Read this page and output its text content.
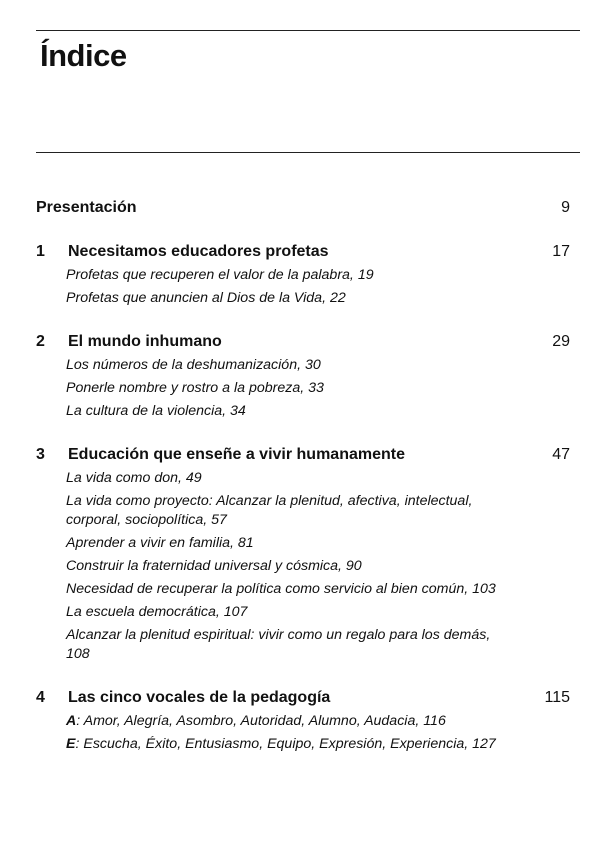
Índice
Presentación	9
1 Necesitamos educadores profetas	17
Profetas que recuperen el valor de la palabra, 19
Profetas que anuncien al Dios de la Vida, 22
2 El mundo inhumano	29
Los números de la deshumanización, 30
Ponerle nombre y rostro a la pobreza, 33
La cultura de la violencia, 34
3 Educación que enseñe a vivir humanamente	47
La vida como don, 49
La vida como proyecto: Alcanzar la plenitud, afectiva, intelectual, corporal, sociopolítica, 57
Aprender a vivir en familia, 81
Construir la fraternidad universal y cósmica, 90
Necesidad de recuperar la política como servicio al bien común, 103
La escuela democrática, 107
Alcanzar la plenitud espiritual: vivir como un regalo para los demás, 108
4 Las cinco vocales de la pedagogía	115
A: Amor, Alegría, Asombro, Autoridad, Alumno, Audacia, 116
E: Escucha, Éxito, Entusiasmo, Equipo, Expresión, Experiencia, 127
